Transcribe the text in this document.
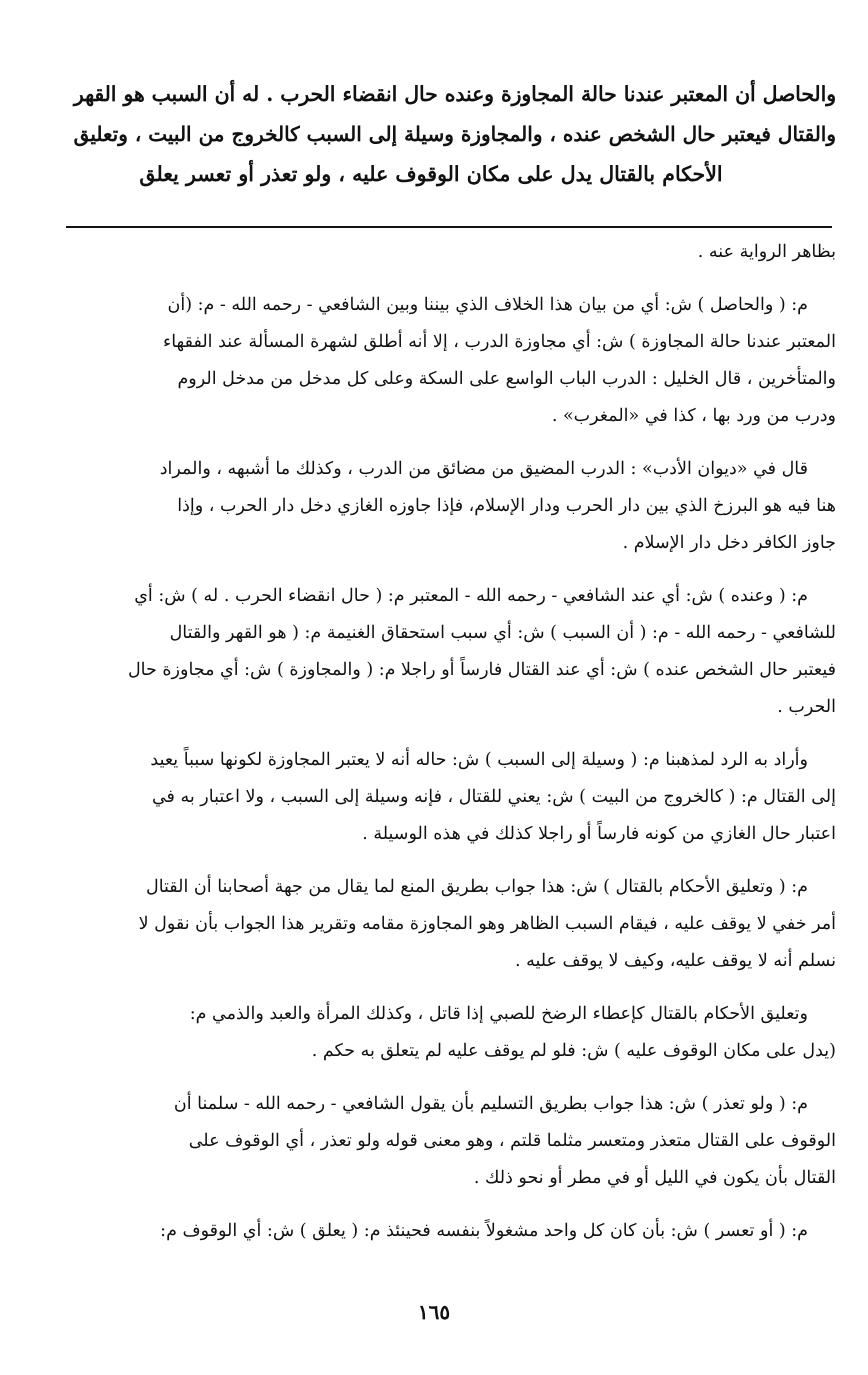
والحاصل أن المعتبر عندنا حالة المجاوزة وعنده حال انقضاء الحرب . له أن السبب هو القهر
والقتال فيعتبر حال الشخص عنده ، والمجاوزة وسيلة إلى السبب كالخروج من البيت ، وتعليق
الأحكام بالقتال يدل على مكان الوقوف عليه ، ولو تعذر أو تعسر يعلق
بظاهر الرواية عنه .
م: ( والحاصل ) ش: أي من بيان هذا الخلاف الذي بيننا وبين الشافعي - رحمه الله - م: (أن
المعتبر عندنا حالة المجاوزة ) ش: أي مجاوزة الدرب ، إلا أنه أطلق لشهرة المسألة عند الفقهاء
والمتأخرين ، قال الخليل : الدرب الباب الواسع على السكة وعلى كل مدخل من مدخل الروم
ودرب من ورد بها ، كذا في «المغرب» .
قال في «ديوان الأدب» : الدرب المضيق من مضائق من الدرب ، وكذلك ما أشبهه ، والمراد
هنا فيه هو البرزخ الذي بين دار الحرب ودار الإسلام، فإذا جاوزه الغازي دخل دار الحرب ، وإذا
جاوز الكافر دخل دار الإسلام .
م: ( وعنده ) ش: أي عند الشافعي - رحمه الله - المعتبر م: ( حال انقضاء الحرب . له ) ش: أي
للشافعي - رحمه الله - م: ( أن السبب ) ش: أي سبب استحقاق الغنيمة م: ( هو القهر والقتال
فيعتبر حال الشخص عنده ) ش: أي عند القتال فارساً أو راجلا م: ( والمجاوزة ) ش: أي مجاوزة حال
الحرب .
وأراد به الرد لمذهبنا م: ( وسيلة إلى السبب ) ش: حاله أنه لا يعتبر المجاوزة لكونها سبباً يعيد
إلى القتال م: ( كالخروج من البيت ) ش: يعني للقتال ، فإنه وسيلة إلى السبب ، ولا اعتبار به في
اعتبار حال الغازي من كونه فارساً أو راجلا كذلك في هذه الوسيلة .
م: ( وتعليق الأحكام بالقتال ) ش: هذا جواب بطريق المنع لما يقال من جهة أصحابنا أن القتال
أمر خفي لا يوقف عليه ، فيقام السبب الظاهر وهو المجاوزة مقامه وتقرير هذا الجواب بأن نقول لا
نسلم أنه لا يوقف عليه، وكيف لا يوقف عليه .
وتعليق الأحكام بالقتال كإعطاء الرضخ للصبي إذا قاتل ، وكذلك المرأة والعبد والذمي م:
(يدل على مكان الوقوف عليه ) ش: فلو لم يوقف عليه لم يتعلق به حكم .
م: ( ولو تعذر ) ش: هذا جواب بطريق التسليم بأن يقول الشافعي - رحمه الله - سلمنا أن
الوقوف على القتال متعذر ومتعسر مثلما قلتم ، وهو معنى قوله ولو تعذر ، أي الوقوف على
القتال بأن يكون في الليل أو في مطر أو نحو ذلك .
م: ( أو تعسر ) ش: بأن كان كل واحد مشغولاً بنفسه فحينئذ م: ( يعلق ) ش: أي الوقوف م:
١٦٥
